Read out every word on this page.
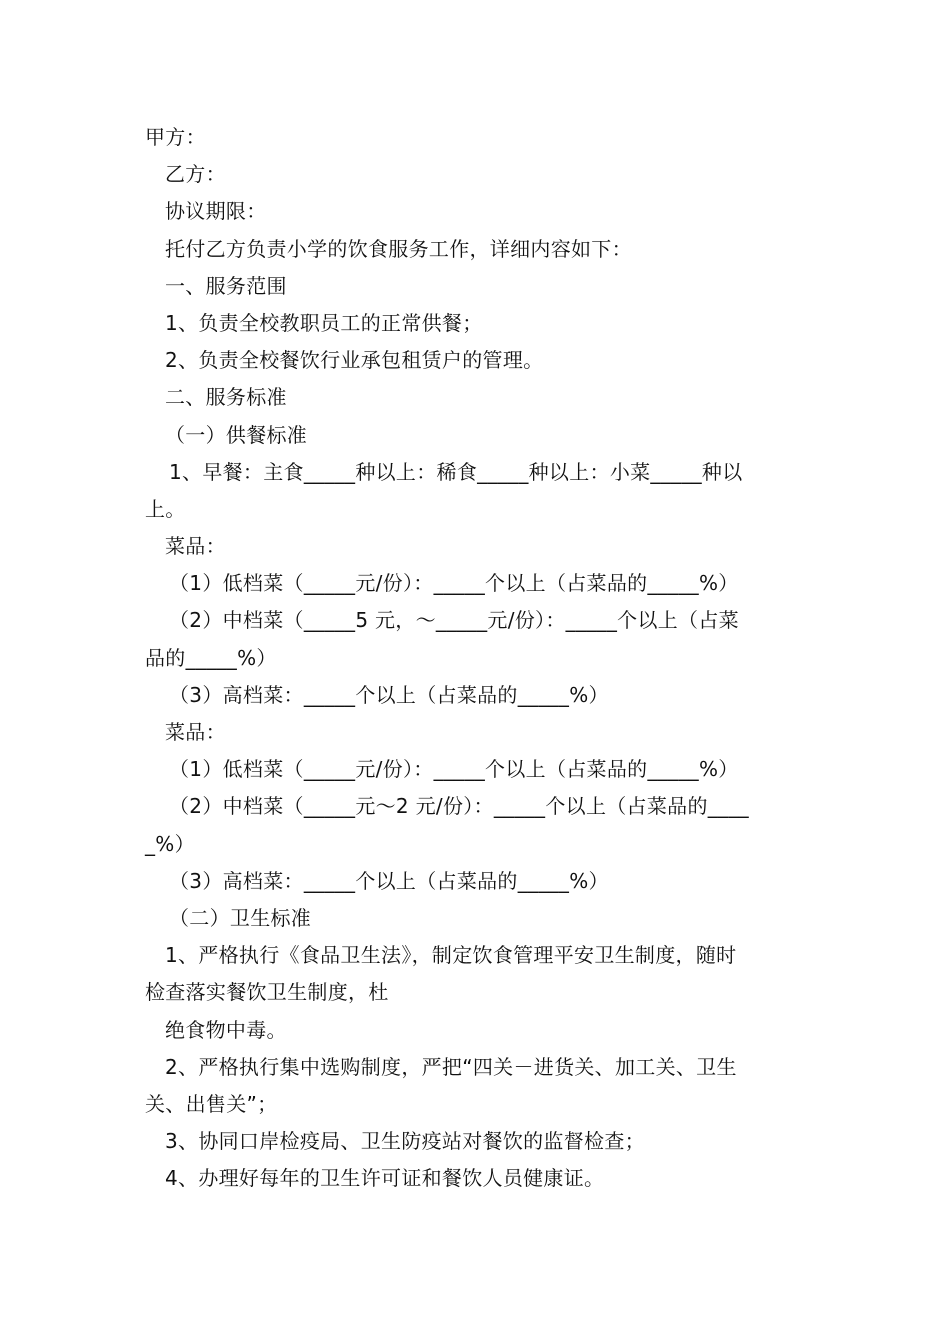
甲方：
乙方：
协议期限：
托付乙方负责小学的饮食服务工作，详细内容如下：
一、服务范围
1、负责全校教职员工的正常供餐；
2、负责全校餐饮行业承包租赁户的管理。
二、服务标准
（一）供餐标准
1、早餐：主食_____种以上：稀食_____种以上：小菜_____种以
上。
菜品：
（1）低档菜（_____元/份）：_____个以上（占菜品的_____%）
（2）中档菜（_____5 元，～_____元/份）：_____个以上（占菜
品的_____%）
（3）高档菜：_____个以上（占菜品的_____%）
菜品：
（1）低档菜（_____元/份）：_____个以上（占菜品的_____%）
（2）中档菜（_____元～2 元/份）：_____个以上（占菜品的____
_%）
（3）高档菜：_____个以上（占菜品的_____%）
（二）卫生标准
1、严格执行《食品卫生法》，制定饮食管理平安卫生制度，随时
检查落实餐饮卫生制度，杜
绝食物中毒。
2、严格执行集中选购制度，严把“四关－进货关、加工关、卫生
关、出售关”；
3、协同口岸检疫局、卫生防疫站对餐饮的监督检查；
4、办理好每年的卫生许可证和餐饮人员健康证。
